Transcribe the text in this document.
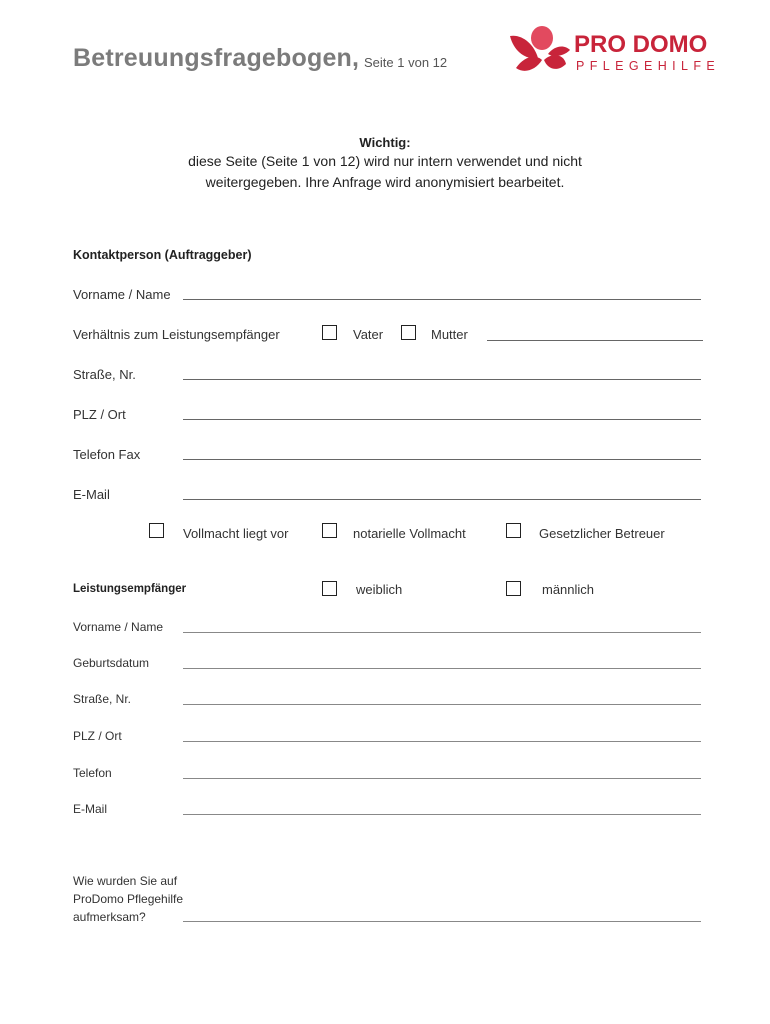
Betreuungsfragebogen, Seite 1 von 12
PRO DOMO
PFLEGEHILFE
Wichtig:
diese Seite (Seite 1 von 12) wird nur intern verwendet und nicht
weitergegeben. Ihre Anfrage wird anonymisiert bearbeitet.
Kontaktperson (Auftraggeber)
Vorname / Name
Verhältnis zum Leistungsempfänger	Vater	Mutter
Straße, Nr.
PLZ / Ort
Telefon Fax
E-Mail
Vollmacht liegt vor	notarielle Vollmacht	Gesetzlicher Betreuer
Leistungsempfänger	weiblich	männlich
Vorname / Name
Geburtsdatum
Straße, Nr.
PLZ / Ort
Telefon
E-Mail
Wie wurden Sie auf
ProDomo Pflegehilfe
aufmerksam?
